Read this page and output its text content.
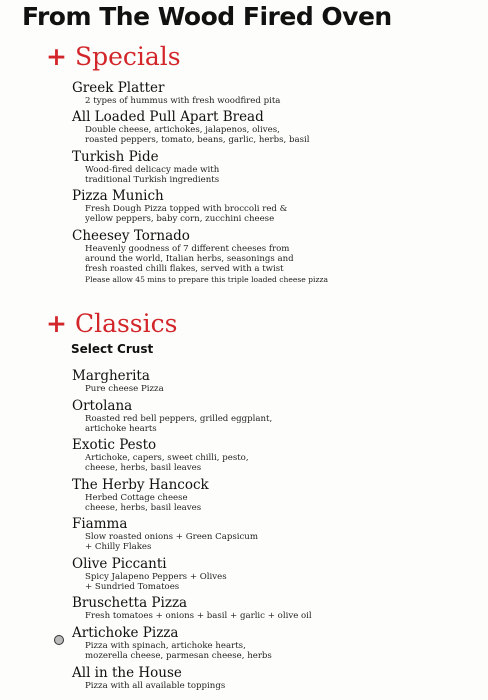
From The Wood Fired Oven
+ Specials
Greek Platter
2 types of hummus with fresh woodfired pita
All Loaded Pull Apart Bread
Double cheese, artichokes, jalapenos, olives,
roasted peppers, tomato, beans, garlic, herbs, basil
Turkish Pide
Wood-fired delicacy made with
traditional Turkish ingredients
Pizza Munich
Fresh Dough Pizza topped with broccoli red &
yellow peppers, baby corn, zucchini cheese
Cheesey Tornado
Heavenly goodness of 7 different cheeses from
around the world, Italian herbs, seasonings and
fresh roasted chilli flakes, served with a twist
Please allow 45 mins to prepare this triple loaded cheese pizza
+ Classics
Select Crust
Margherita
Pure cheese Pizza
Ortolana
Roasted red bell peppers, grilled eggplant,
artichoke hearts
Exotic Pesto
Artichoke, capers, sweet chilli, pesto,
cheese, herbs, basil leaves
The Herby Hancock
Herbed Cottage cheese
cheese, herbs, basil leaves
Fiamma
Slow roasted onions + Green Capsicum
+ Chilly Flakes
Olive Piccanti
Spicy Jalapeno Peppers + Olives
+ Sundried Tomatoes
Bruschetta Pizza
Fresh tomatoes + onions + basil + garlic + olive oil
Artichoke Pizza
Pizza with spinach, artichoke hearts,
mozerella cheese, parmesan cheese, herbs
All in the House
Pizza with all available toppings
